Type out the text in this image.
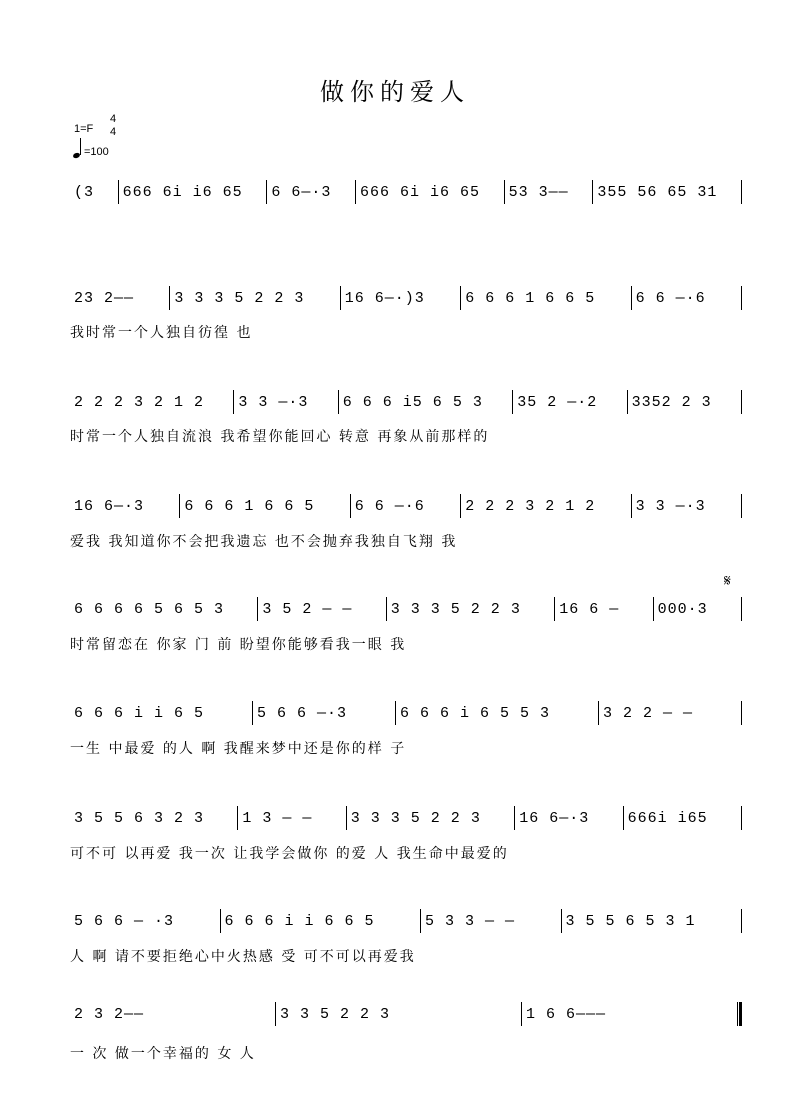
做你的爱人
1=F
4
4
=100
(3	666 6i i6 65	6 6—·3	666 6i i6 65	53 3——	355 56 65 31
23 2——	3 3 3 5 2 2 3	16 6—·)3	6 6 6 1 6 6 5	6 6 —·6
我时常一个人独自彷徨 也
2 2 2 3 2 1 2	3 3 —·3	6 6 6 i5 6 5 3	35 2 —·2	3352 2 3
时常一个人独自流浪 我希望你能回心 转意 再象从前那样的
16 6—·3	6 6 6 1 6 6 5	6 6 —·6	2 2 2 3 2 1 2	3 3 —·3
爱我 我知道你不会把我遗忘 也不会抛弃我独自飞翔 我
6 6 6 6 5 6 5 3	3 5 2 — —	3 3 3 5 2 2 3	16 6 —	000·3
时常留恋在 你家 门 前 盼望你能够看我一眼 我
6 6 6 i i 6 5	5 6 6 —·3	6 6 6 i 6 5 5 3	3 2 2 — —
一生 中最爱 的人 啊 我醒来梦中还是你的样 子
3 5 5 6 3 2 3	1 3 — —	3 3 3 5 2 2 3	16 6—·3	666i i65
可不可 以再爱 我一次 让我学会做你 的爱 人 我生命中最爱的
5 6 6 — ·3	6 6 6 i i 6 6 5	5 3 3 — —	3 5 5 6 5 3 1
人 啊 请不要拒绝心中火热感 受 可不可以再爱我
2 3 2——	3 3 5 2 2 3	1 6 6———
一 次 做一个幸福的 女 人
𝄋
